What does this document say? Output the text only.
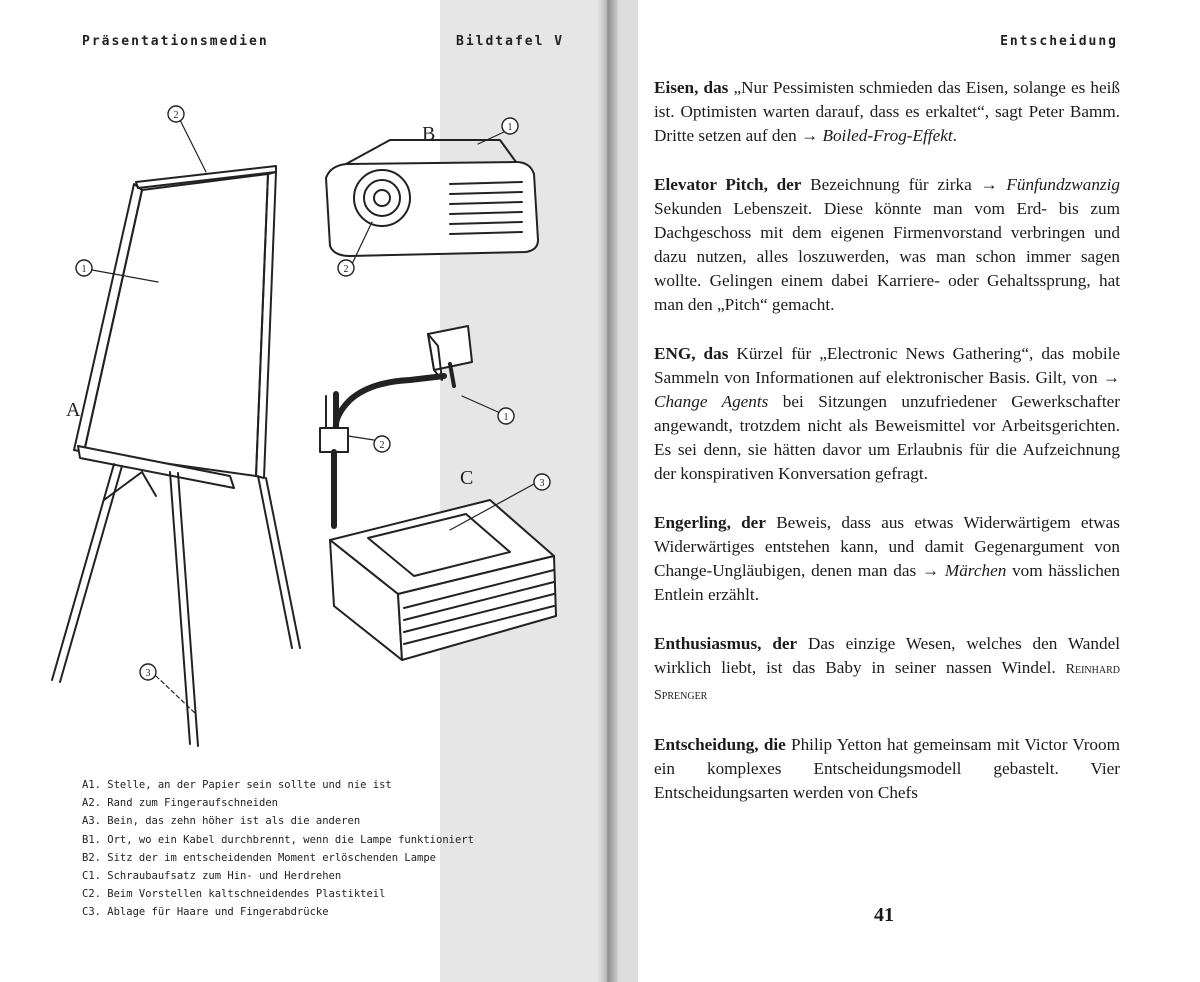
Präsentationsmedien	Bildtafel V
A
B
C
2
1
3
1
2
1
2
3
A1. Stelle, an der Papier sein sollte und nie ist
A2. Rand zum Fingeraufschneiden
A3. Bein, das zehn höher ist als die anderen
B1. Ort, wo ein Kabel durchbrennt, wenn die Lampe funktioniert
B2. Sitz der im entscheidenden Moment erlöschenden Lampe
C1. Schraubaufsatz zum Hin- und Herdrehen
C2. Beim Vorstellen kaltschneidendes Plastikteil
C3. Ablage für Haare und Fingerabdrücke
Entscheidung

Eisen, das „Nur Pessimisten schmieden das Eisen, solange es heiß ist. Optimisten warten darauf, dass es erkaltet“, sagt Peter Bamm. Dritte setzen auf den → Boiled-Frog-Effekt.

Elevator Pitch, der Bezeichnung für zirka → Fünfundzwanzig Sekunden Lebenszeit. Diese könnte man vom Erd- bis zum Dachgeschoss mit dem eigenen Firmenvorstand verbringen und dazu nutzen, alles loszuwerden, was man schon immer sagen wollte. Gelingen einem dabei Karriere- oder Gehaltssprung, hat man den „Pitch“ gemacht.

ENG, das Kürzel für „Electronic News Gathering“, das mobile Sammeln von Informationen auf elektronischer Basis. Gilt, von → Change Agents bei Sitzungen unzufriedener Gewerkschafter angewandt, trotzdem nicht als Beweismittel vor Arbeitsgerichten. Es sei denn, sie hätten davor um Erlaubnis für die Aufzeichnung der konspirativen Konversation gefragt.

Engerling, der Beweis, dass aus etwas Widerwärtigem etwas Widerwärtiges entstehen kann, und damit Gegenargument von Change-Ungläubigen, denen man das → Märchen vom hässlichen Entlein erzählt.

Enthusiasmus, der Das einzige Wesen, welches den Wandel wirklich liebt, ist das Baby in seiner nassen Windel. Reinhard Sprenger

Entscheidung, die Philip Yetton hat gemeinsam mit Victor Vroom ein komplexes Entscheidungsmodell gebastelt. Vier Entscheidungsarten werden von Chefs

41
